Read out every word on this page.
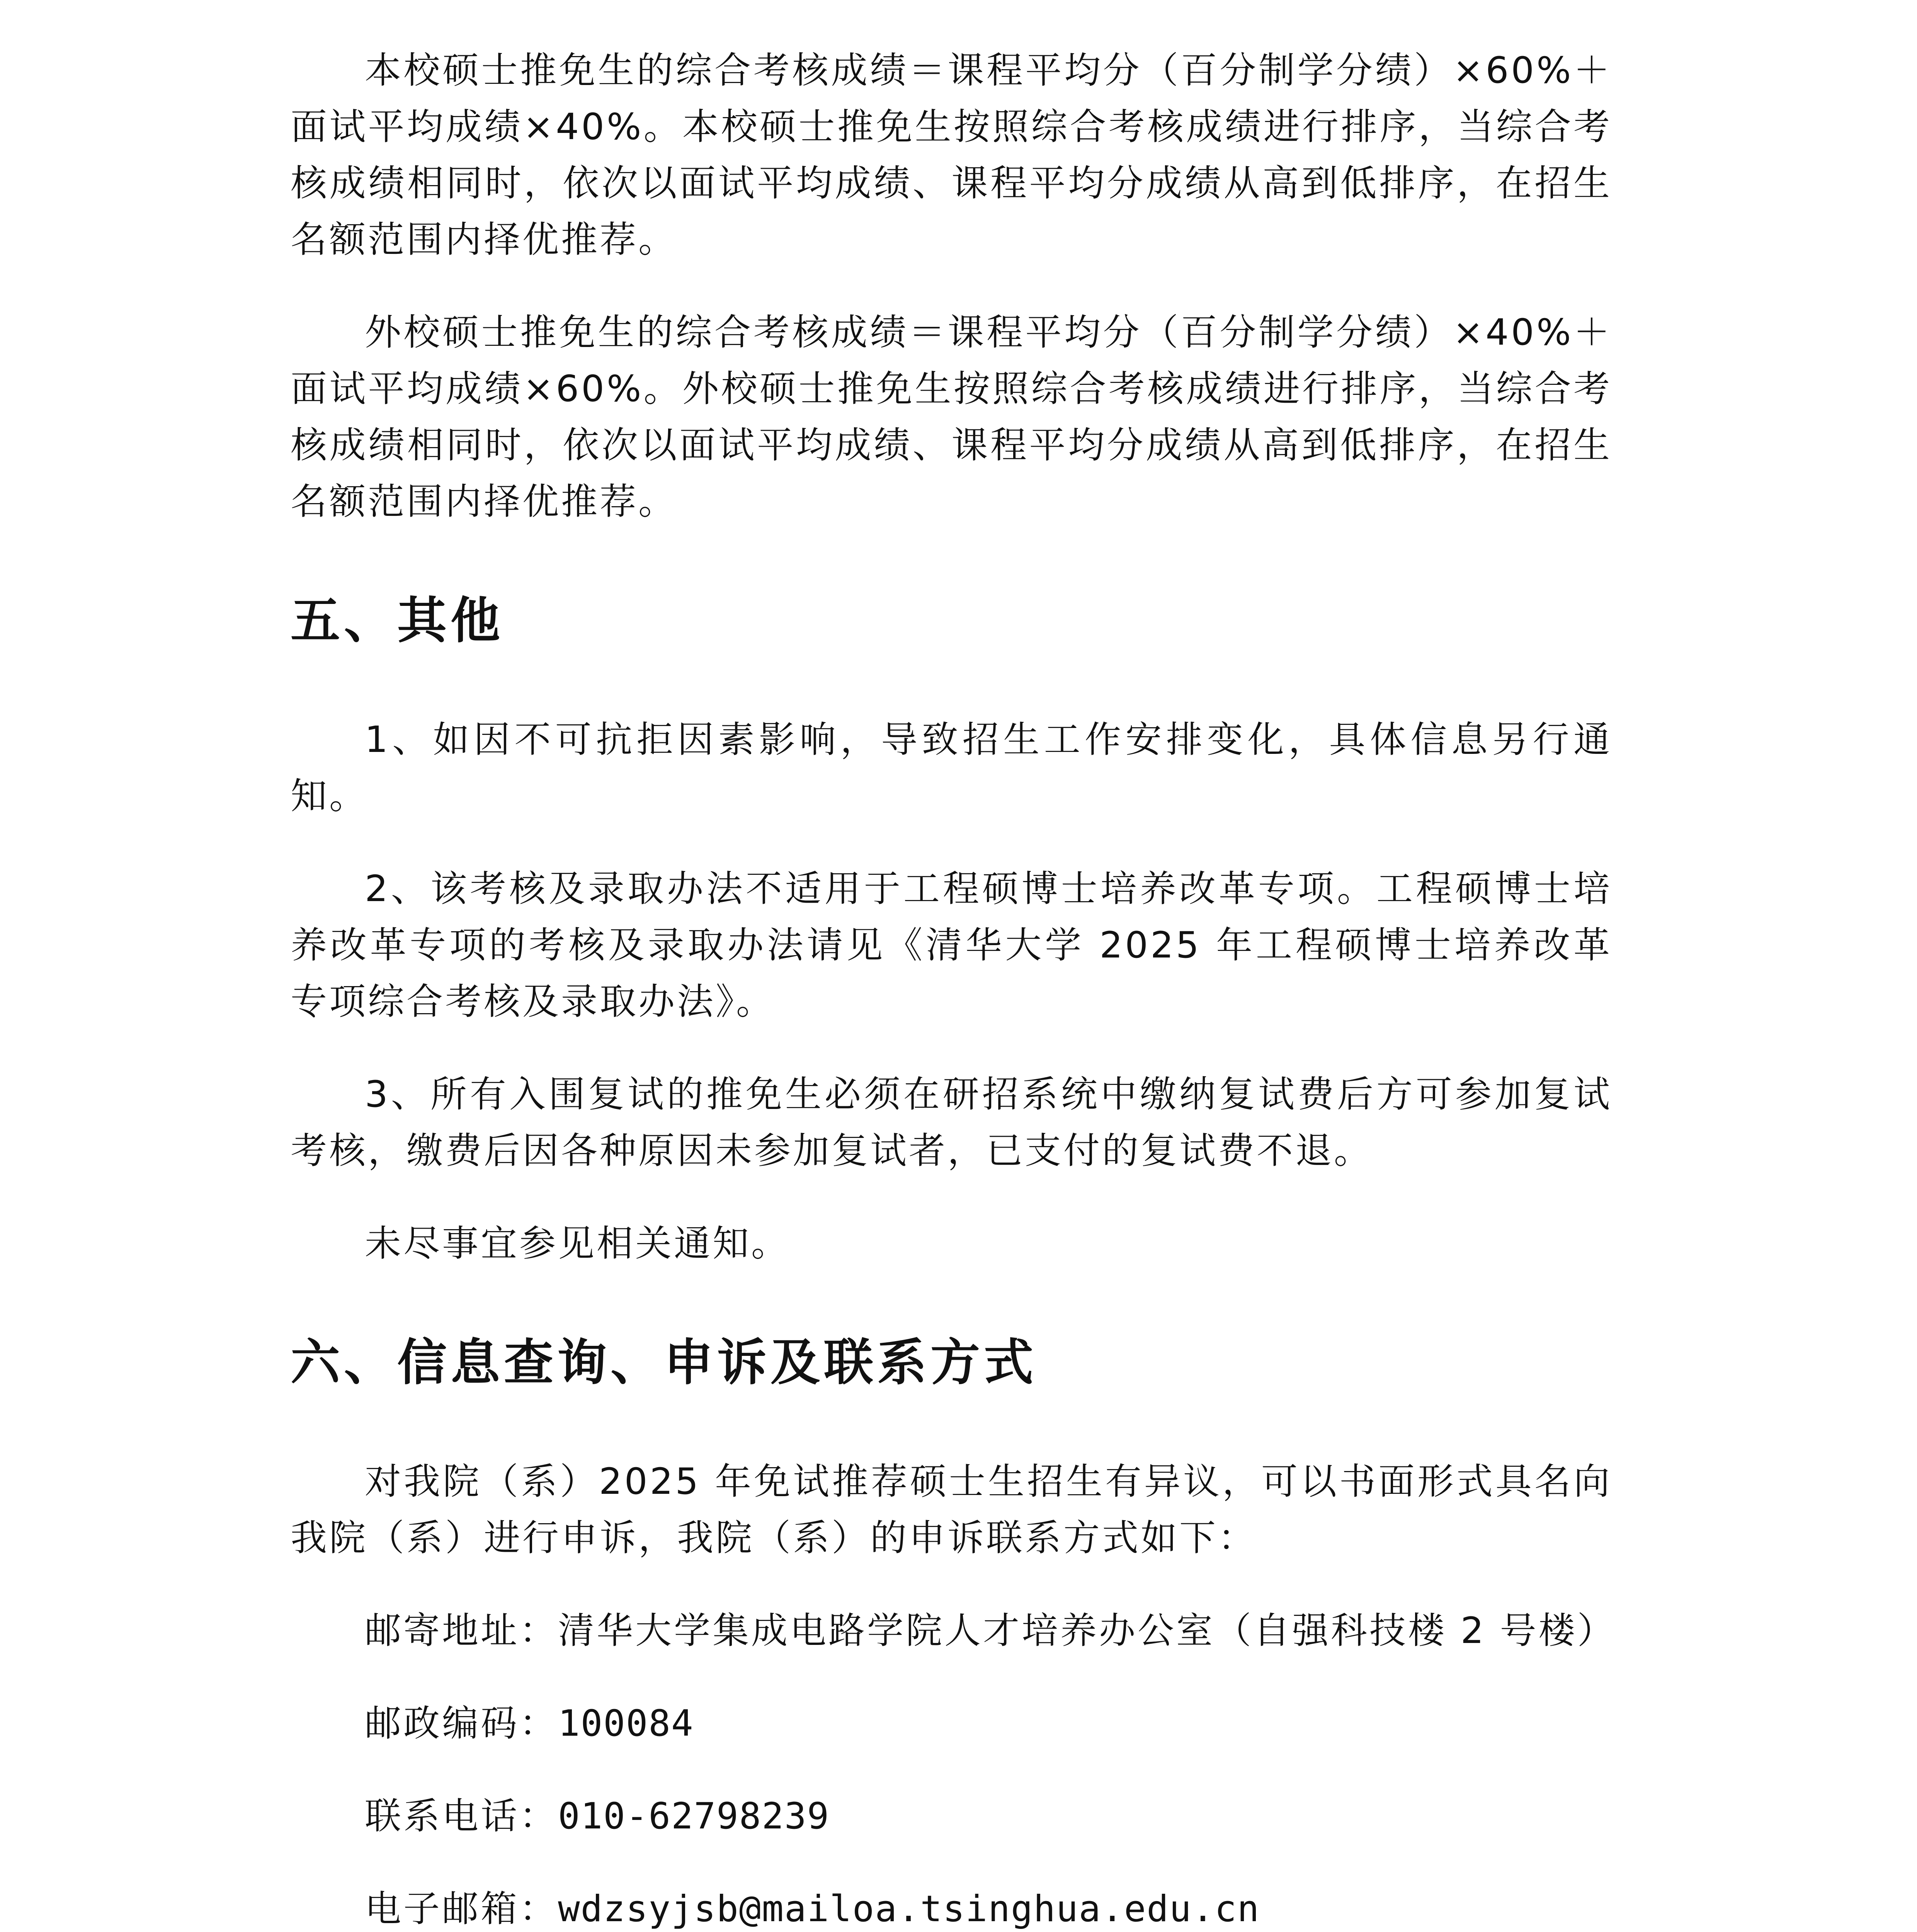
本校硕士推免生的综合考核成绩＝课程平均分（百分制学分绩）×60%＋面试平均成绩×40%。本校硕士推免生按照综合考核成绩进行排序，当综合考核成绩相同时，依次以面试平均成绩、课程平均分成绩从高到低排序，在招生名额范围内择优推荐。

外校硕士推免生的综合考核成绩＝课程平均分（百分制学分绩）×40%＋面试平均成绩×60%。外校硕士推免生按照综合考核成绩进行排序，当综合考核成绩相同时，依次以面试平均成绩、课程平均分成绩从高到低排序，在招生名额范围内择优推荐。

五、其他

1、如因不可抗拒因素影响，导致招生工作安排变化，具体信息另行通知。

2、该考核及录取办法不适用于工程硕博士培养改革专项。工程硕博士培养改革专项的考核及录取办法请见《清华大学 2025 年工程硕博士培养改革专项综合考核及录取办法》。

3、所有入围复试的推免生必须在研招系统中缴纳复试费后方可参加复试考核，缴费后因各种原因未参加复试者，已支付的复试费不退。

未尽事宜参见相关通知。

六、信息查询、申诉及联系方式

对我院（系）2025 年免试推荐硕士生招生有异议，可以书面形式具名向我院（系）进行申诉，我院（系）的申诉联系方式如下：

邮寄地址：清华大学集成电路学院人才培养办公室（自强科技楼 2 号楼）

邮政编码：100084

联系电话：010-62798239

电子邮箱：wdzsyjsb@mailoa.tsinghua.edu.cn
